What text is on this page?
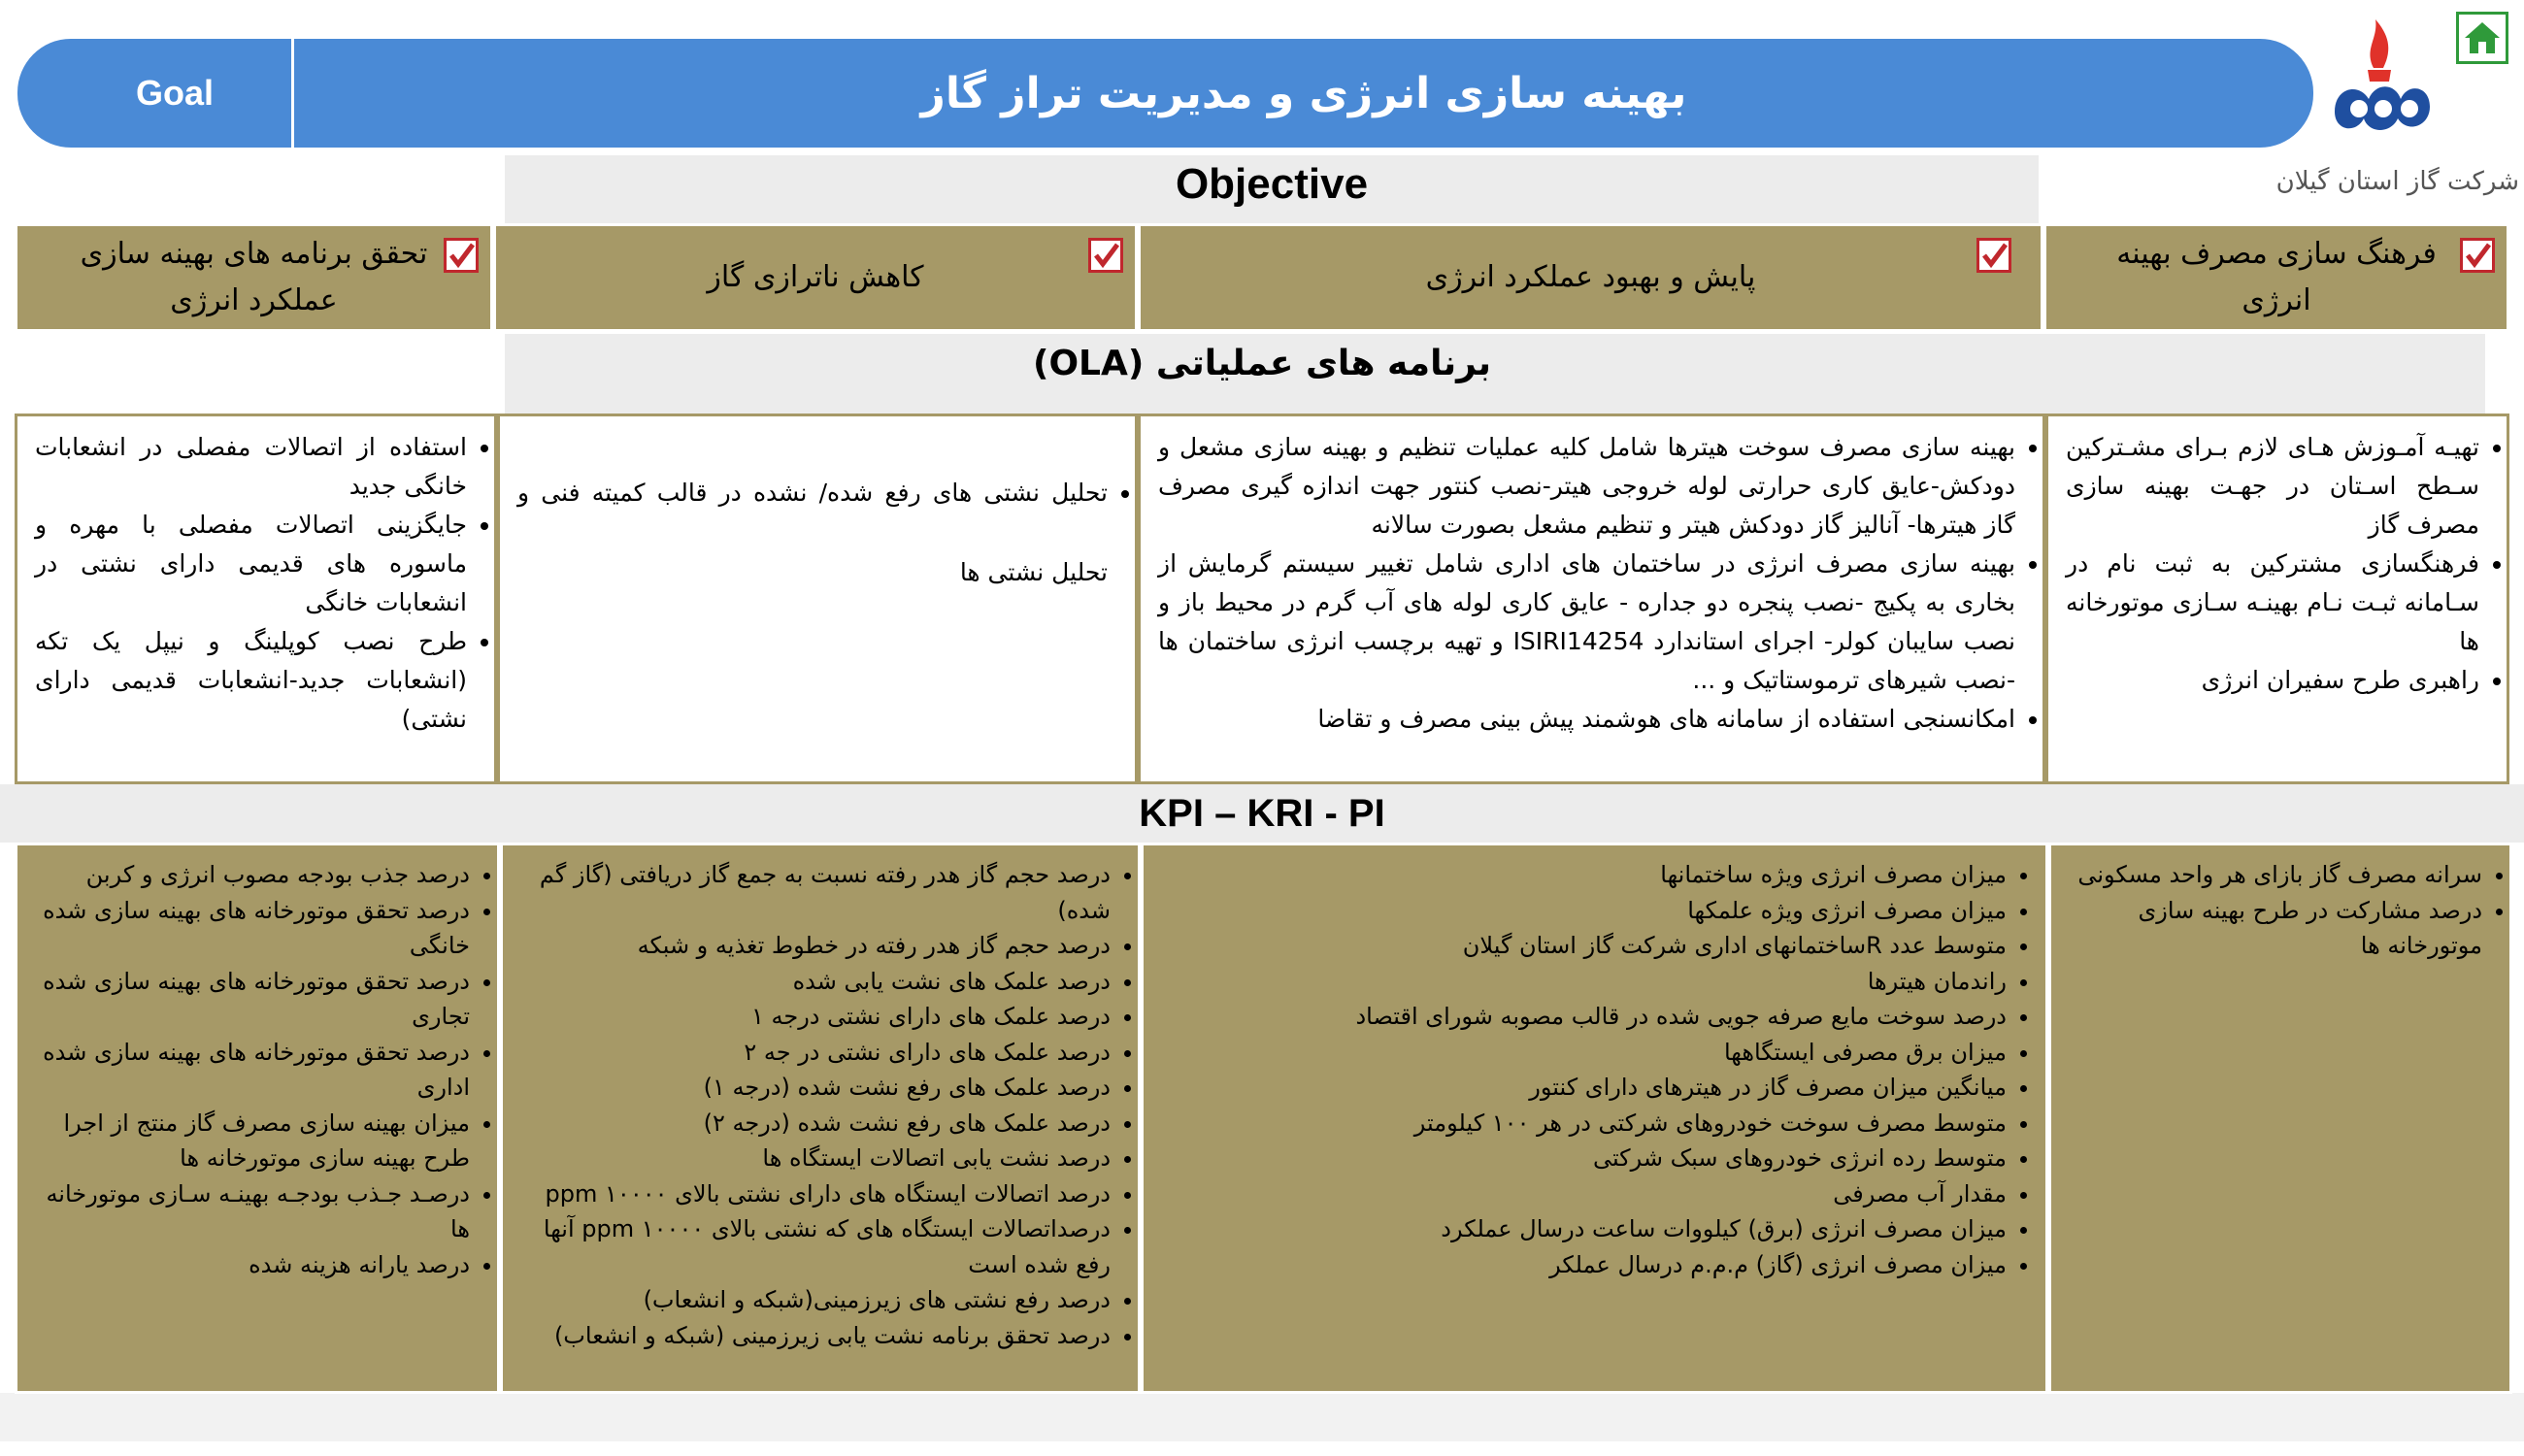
Goal	بهینه سازی انرژی و مدیریت تراز گاز
شرکت گاز استان گیلان
Objective
برنامه های عملیاتی (OLA)
KPI – KRI - PI
فرهنگ سازی مصرف بهینه انرژی
پایش و بهبود عملکرد انرژی
کاهش ناترازی گاز
تحقق برنامه های بهینه سازی عملکرد انرژی
• تهیـه آمـوزش هـای لازم بـرای مشـترکین سـطح اسـتان در جهـت بهینه سازی مصرف گاز
• فرهنگسازی مشترکین به ثبت نام در سـامانه ثبـت نـام بهینـه سـازی موتورخانه ها
• راهبری طرح سفیران انرژی
• بهینه سازی مصرف سوخت هیترها شامل کلیه عملیات تنظیم و بهینه سازی مشعل و دودکش-عایق کاری حرارتی لوله خروجی هیتر-نصب کنتور جهت اندازه گیری مصرف گاز هیترها- آنالیز گاز دودکش هیتر و تنظیم مشعل بصورت سالانه
• بهینه سازی مصرف انرژی در ساختمان های اداری شامل تغییر سیستم گرمایش از بخاری به پکیج -نصب پنجره دو جداره - عایق کاری لوله های آب گرم در محیط باز و نصب سایبان کولر- اجرای استاندارد ISIRI14254 و تهیه برچسب انرژی ساختمان ها -نصب شیرهای ترموستاتیک و ...
• امکانسنجی استفاده از سامانه های هوشمند پیش بینی مصرف و تقاضا
• تحلیل نشتی های رفع شده/ نشده در قالب کمیته فنی و تحلیل نشتی ها
• استفاده از اتصالات مفصلی در انشعابات خانگی جدید
• جایگزینی اتصالات مفصلی با مهره و ماسوره های قدیمی دارای نشتی در انشعابات خانگی
• طرح نصب کوپلینگ و نیپل یک تکه (انشعابات جدید-انشعابات قدیمی دارای نشتی)
• سرانه مصرف گاز بازای هر واحد مسکونی
• درصد مشارکت در طرح بهینه سازی موتورخانه ها
• میزان مصرف انرژی ویژه ساختمانها
• میزان مصرف انرژی ویژه علمکها
• متوسط عدد Rساختمانهای اداری شرکت گاز استان گیلان
• راندمان هیترها
• درصد سوخت مایع صرفه جویی شده در قالب مصوبه شورای اقتصاد
• میزان برق مصرفی ایستگاهها
• میانگین میزان مصرف گاز در هیترهای دارای کنتور
• متوسط مصرف سوخت خودروهای شرکتی در هر ۱۰۰ کیلومتر
• متوسط رده انرژی خودروهای سبک شرکتی
• مقدار آب مصرفی
• میزان مصرف انرژی (برق) کیلووات ساعت درسال عملکرد
• میزان مصرف انرژی (گاز) م.م.م درسال عملکر
• درصد حجم گاز هدر رفته نسبت به جمع گاز دریافتی (گاز گم شده)
• درصد حجم گاز هدر رفته در خطوط تغذیه و شبکه
• درصد علمک های نشت یابی شده
• درصد علمک های دارای نشتی درجه ۱
• درصد علمک های دارای نشتی در جه ۲
• درصد علمک های رفع نشت شده (درجه ۱)
• درصد علمک های رفع نشت شده (درجه ۲)
• درصد نشت یابی اتصالات ایستگاه ها
• درصد اتصالات ایستگاه های دارای نشتی بالای ۱۰۰۰۰ ppm
• درصداتصالات ایستگاه های که نشتی بالای ۱۰۰۰۰ ppm آنها رفع شده است
• درصد رفع نشتی های زیرزمینی(شبکه و انشعاب)
• درصد تحقق برنامه نشت یابی زیرزمینی (شبکه و انشعاب)
• درصد جذب بودجه مصوب انرژی و کربن
• درصد تحقق موتورخانه های بهینه سازی شده خانگی
• درصد تحقق موتورخانه های بهینه سازی شده تجاری
• درصد تحقق موتورخانه های بهینه سازی شده اداری
• میزان بهینه سازی مصرف گاز منتج از اجرا طرح بهینه سازی موتورخانه ها
• درصـد جـذب بودجـه بهینـه سـازی موتورخانه ها
• درصد یارانه هزینه شده
